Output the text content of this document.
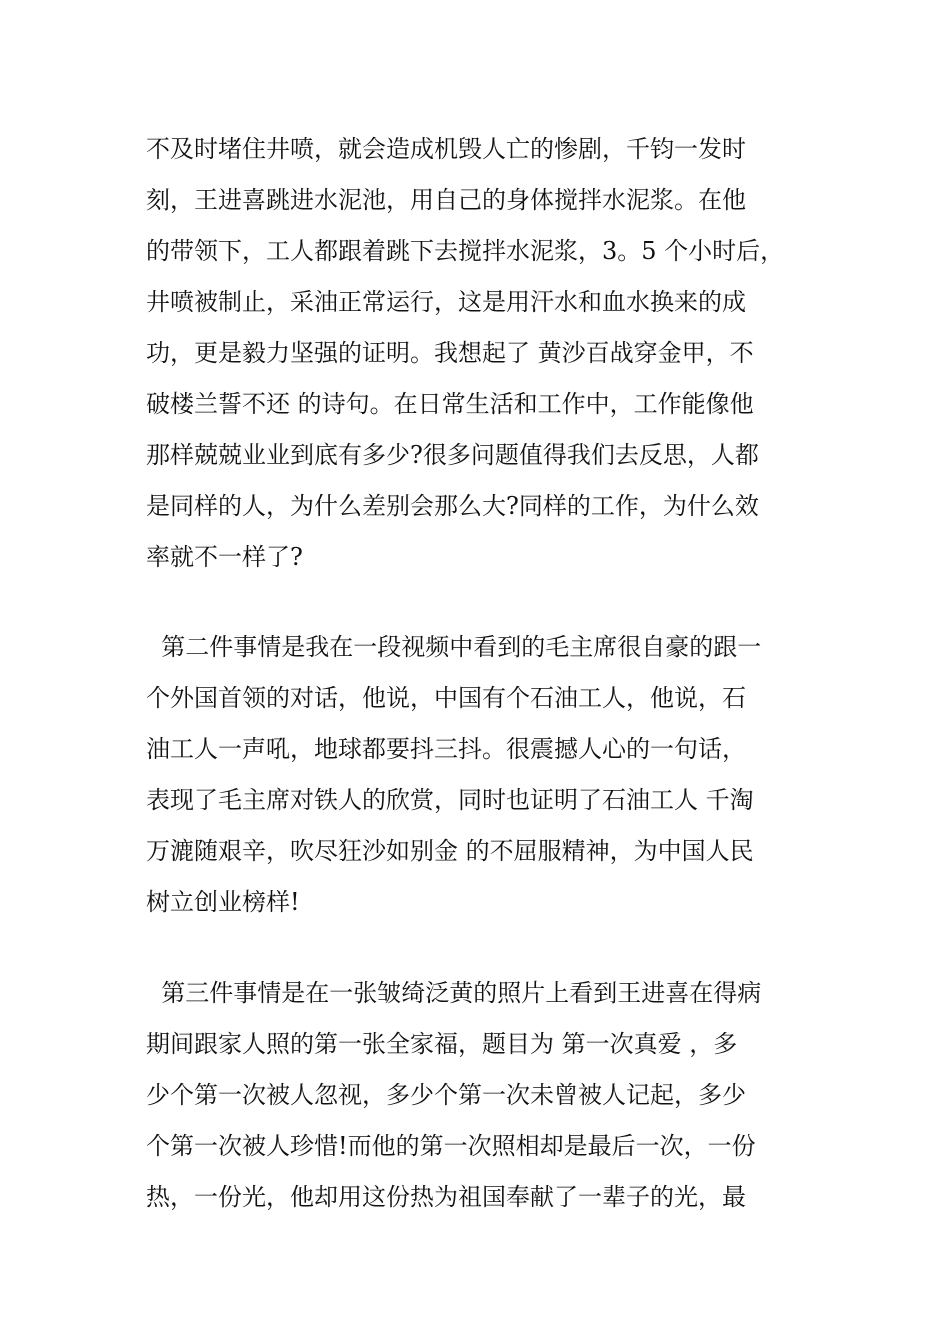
不及时堵住井喷，就会造成机毁人亡的惨剧，千钧一发时
刻，王进喜跳进水泥池，用自己的身体搅拌水泥浆。在他
的带领下，工人都跟着跳下去搅拌水泥浆，3。5 个小时后，
井喷被制止，采油正常运行，这是用汗水和血水换来的成
功，更是毅力坚强的证明。我想起了 黄沙百战穿金甲，不
破楼兰誓不还 的诗句。在日常生活和工作中，工作能像他
那样兢兢业业到底有多少?很多问题值得我们去反思，人都
是同样的人，为什么差别会那么大?同样的工作，为什么效
率就不一样了?
第二件事情是我在一段视频中看到的毛主席很自豪的跟一
个外国首领的对话，他说，中国有个石油工人，他说，石
油工人一声吼，地球都要抖三抖。很震撼人心的一句话，
表现了毛主席对铁人的欣赏，同时也证明了石油工人 千淘
万漉随艰辛，吹尽狂沙如别金 的不屈服精神，为中国人民
树立创业榜样!
第三件事情是在一张皱绮泛黄的照片上看到王进喜在得病
期间跟家人照的第一张全家福，题目为 第一次真爱 ，多
少个第一次被人忽视，多少个第一次未曾被人记起，多少
个第一次被人珍惜!而他的第一次照相却是最后一次，一份
热，一份光，他却用这份热为祖国奉献了一辈子的光，最
